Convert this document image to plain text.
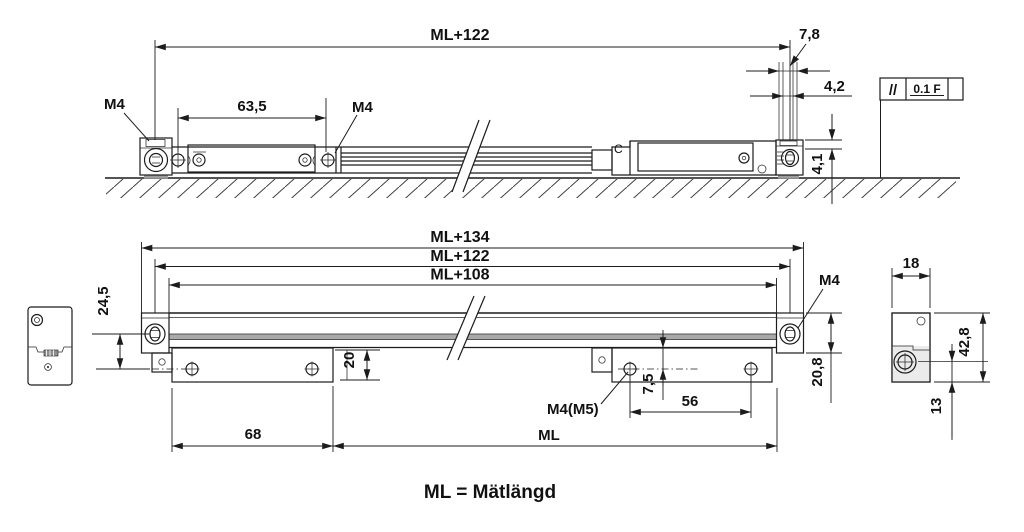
C
ML+122
63,5
M4	M4
7,8
4,2
4,1
// 0.1 F
ML+134
ML+122
ML+108
24,5
20	20,8
7,5
56
M4(M5)
M4
68	ML
18
42,8
13
ML = Mätlängd
